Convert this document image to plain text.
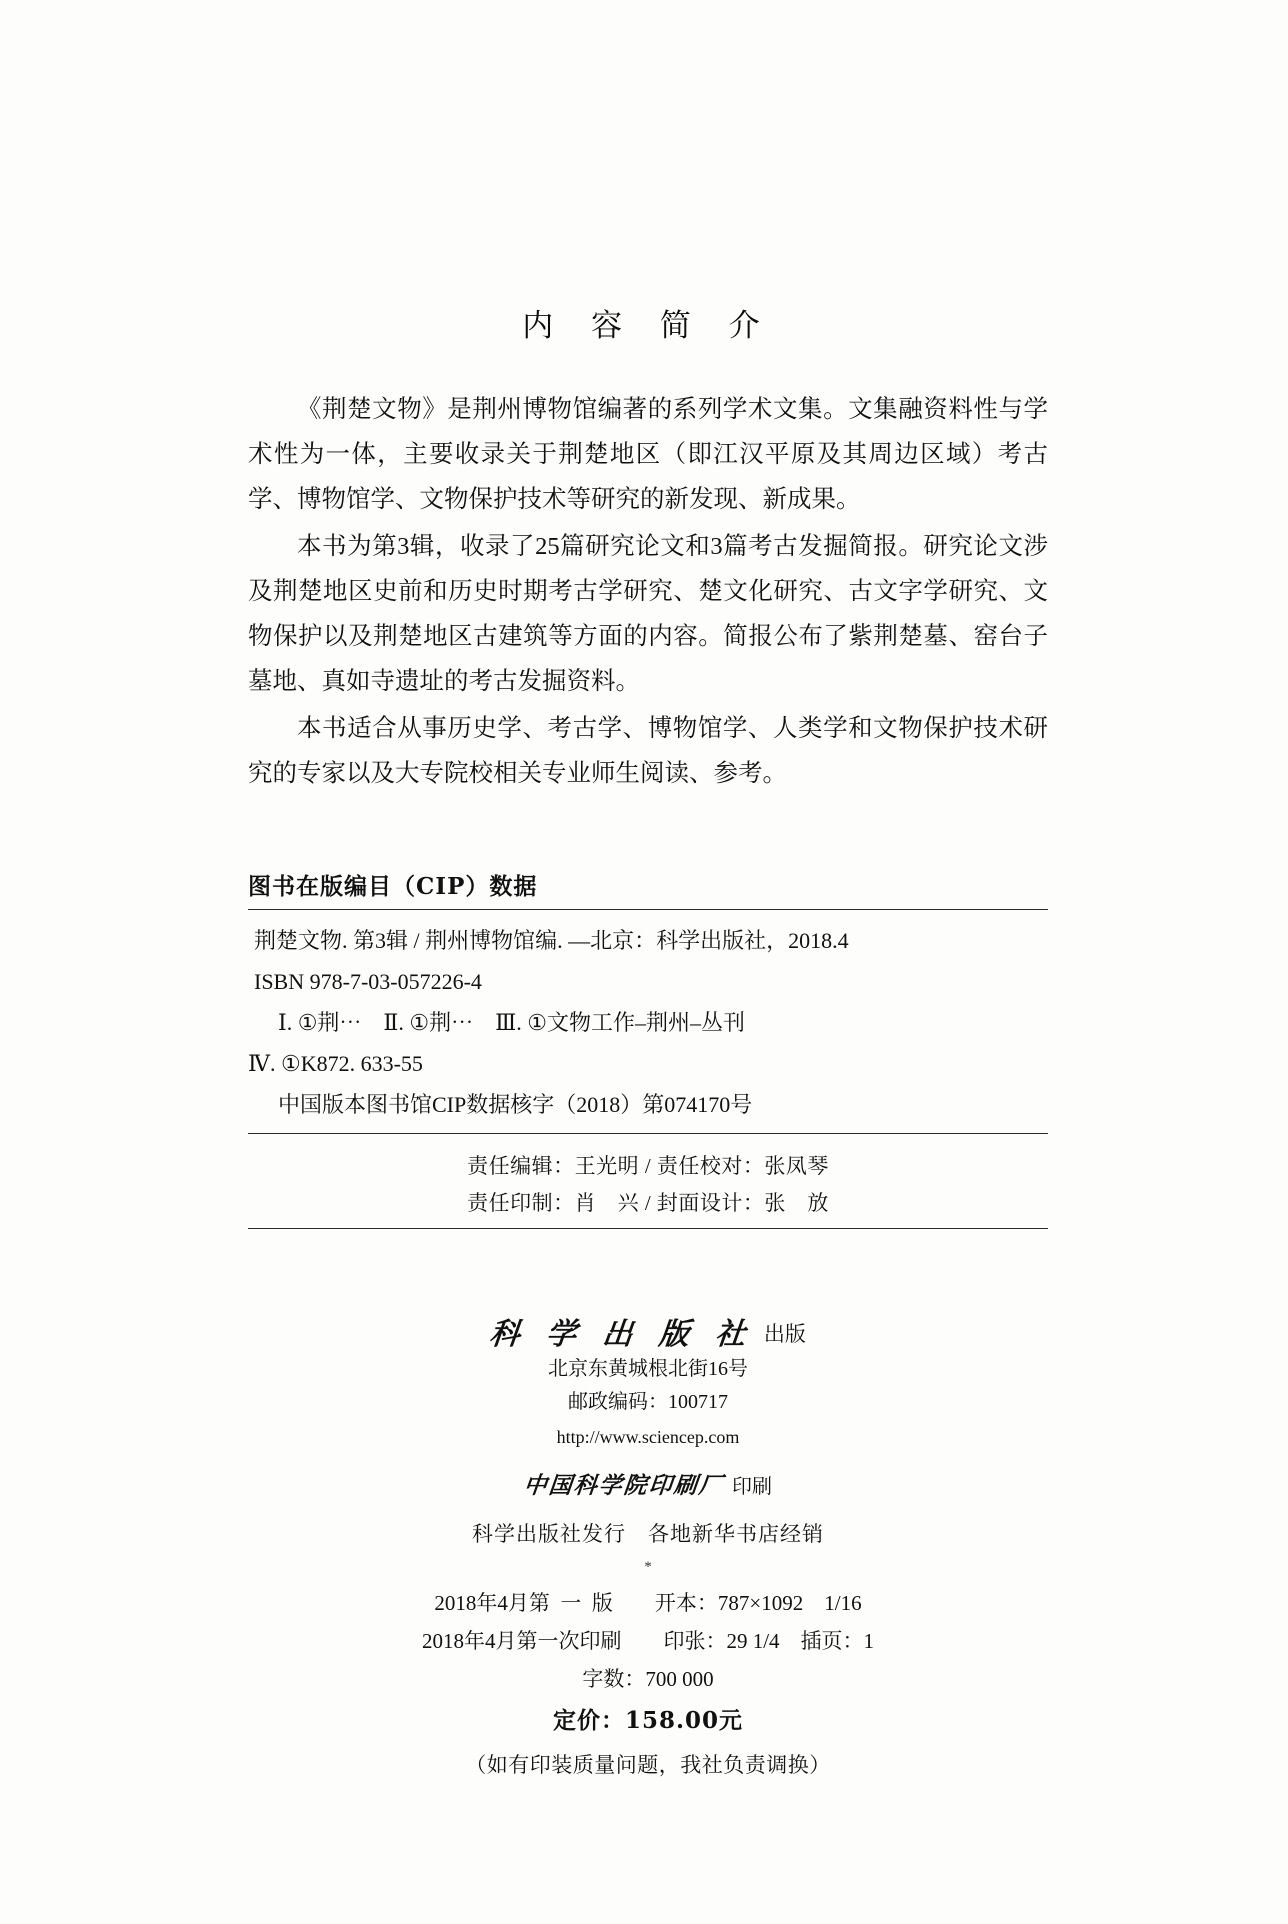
内 容 简 介

《荆楚文物》是荆州博物馆编著的系列学术文集。文集融资料性与学术性为一体，主要收录关于荆楚地区（即江汉平原及其周边区域）考古学、博物馆学、文物保护技术等研究的新发现、新成果。

本书为第3辑，收录了25篇研究论文和3篇考古发掘简报。研究论文涉及荆楚地区史前和历史时期考古学研究、楚文化研究、古文字学研究、文物保护以及荆楚地区古建筑等方面的内容。简报公布了紫荆楚墓、窑台子墓地、真如寺遗址的考古发掘资料。

本书适合从事历史学、考古学、博物馆学、人类学和文物保护技术研究的专家以及大专院校相关专业师生阅读、参考。

图书在版编目（CIP）数据
荆楚文物. 第3辑 / 荆州博物馆编. —北京：科学出版社，2018.4
ISBN 978-7-03-057226-4
Ⅰ. ①荆⋯　Ⅱ. ①荆⋯　Ⅲ. ①文物工作–荆州–丛刊
Ⅳ. ①K872. 633-55
中国版本图书馆CIP数据核字（2018）第074170号
责任编辑：王光明 / 责任校对：张凤琴
责任印制：肖　兴 / 封面设计：张　放
科 学 出 版 社 出版
北京东黄城根北街16号
邮政编码：100717
http://www.sciencep.com
中国科学院印刷厂 印刷
科学出版社发行　各地新华书店经销
*
2018年4月第  一  版　　开本：787×1092　1/16
2018年4月第一次印刷　　印张：29 1/4　插页：1
字数：700 000
定价：158.00元
（如有印装质量问题，我社负责调换）
